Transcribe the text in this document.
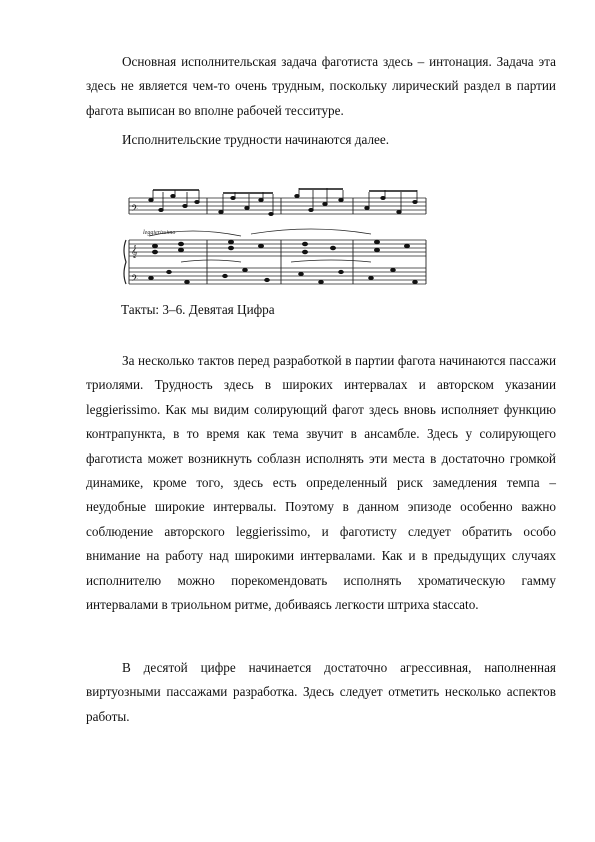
Основная исполнительская задача фаготиста здесь – интонация. Задача эта здесь не является чем-то очень трудным, поскольку лирический раздел в партии фагота выписан во вполне рабочей тесситуре.

Исполнительские трудности начинаются далее.

𝄢
𝄞
𝄢
leggierissimo

Такты: 3–6. Девятая Цифра

За несколько тактов перед разработкой в партии фагота начинаются пассажи триолями. Трудность здесь в широких интервалах и авторском указании leggierissimo. Как мы видим солирующий фагот здесь вновь исполняет функцию контрапункта, в то время как тема звучит в ансамбле. Здесь у солирующего фаготиста может возникнуть соблазн исполнять эти места в достаточно громкой динамике, кроме того, здесь есть определенный риск замедления темпа – неудобные широкие интервалы. Поэтому в данном эпизоде особенно важно соблюдение авторского leggierissimo, и фаготисту следует обратить особо внимание на работу над широкими интервалами. Как и в предыдущих случаях исполнителю можно порекомендовать исполнять хроматическую гамму интервалами в триольном ритме, добиваясь легкости штриха staccato.

В десятой цифре начинается достаточно агрессивная, наполненная виртуозными пассажами разработка. Здесь следует отметить несколько аспектов работы.
